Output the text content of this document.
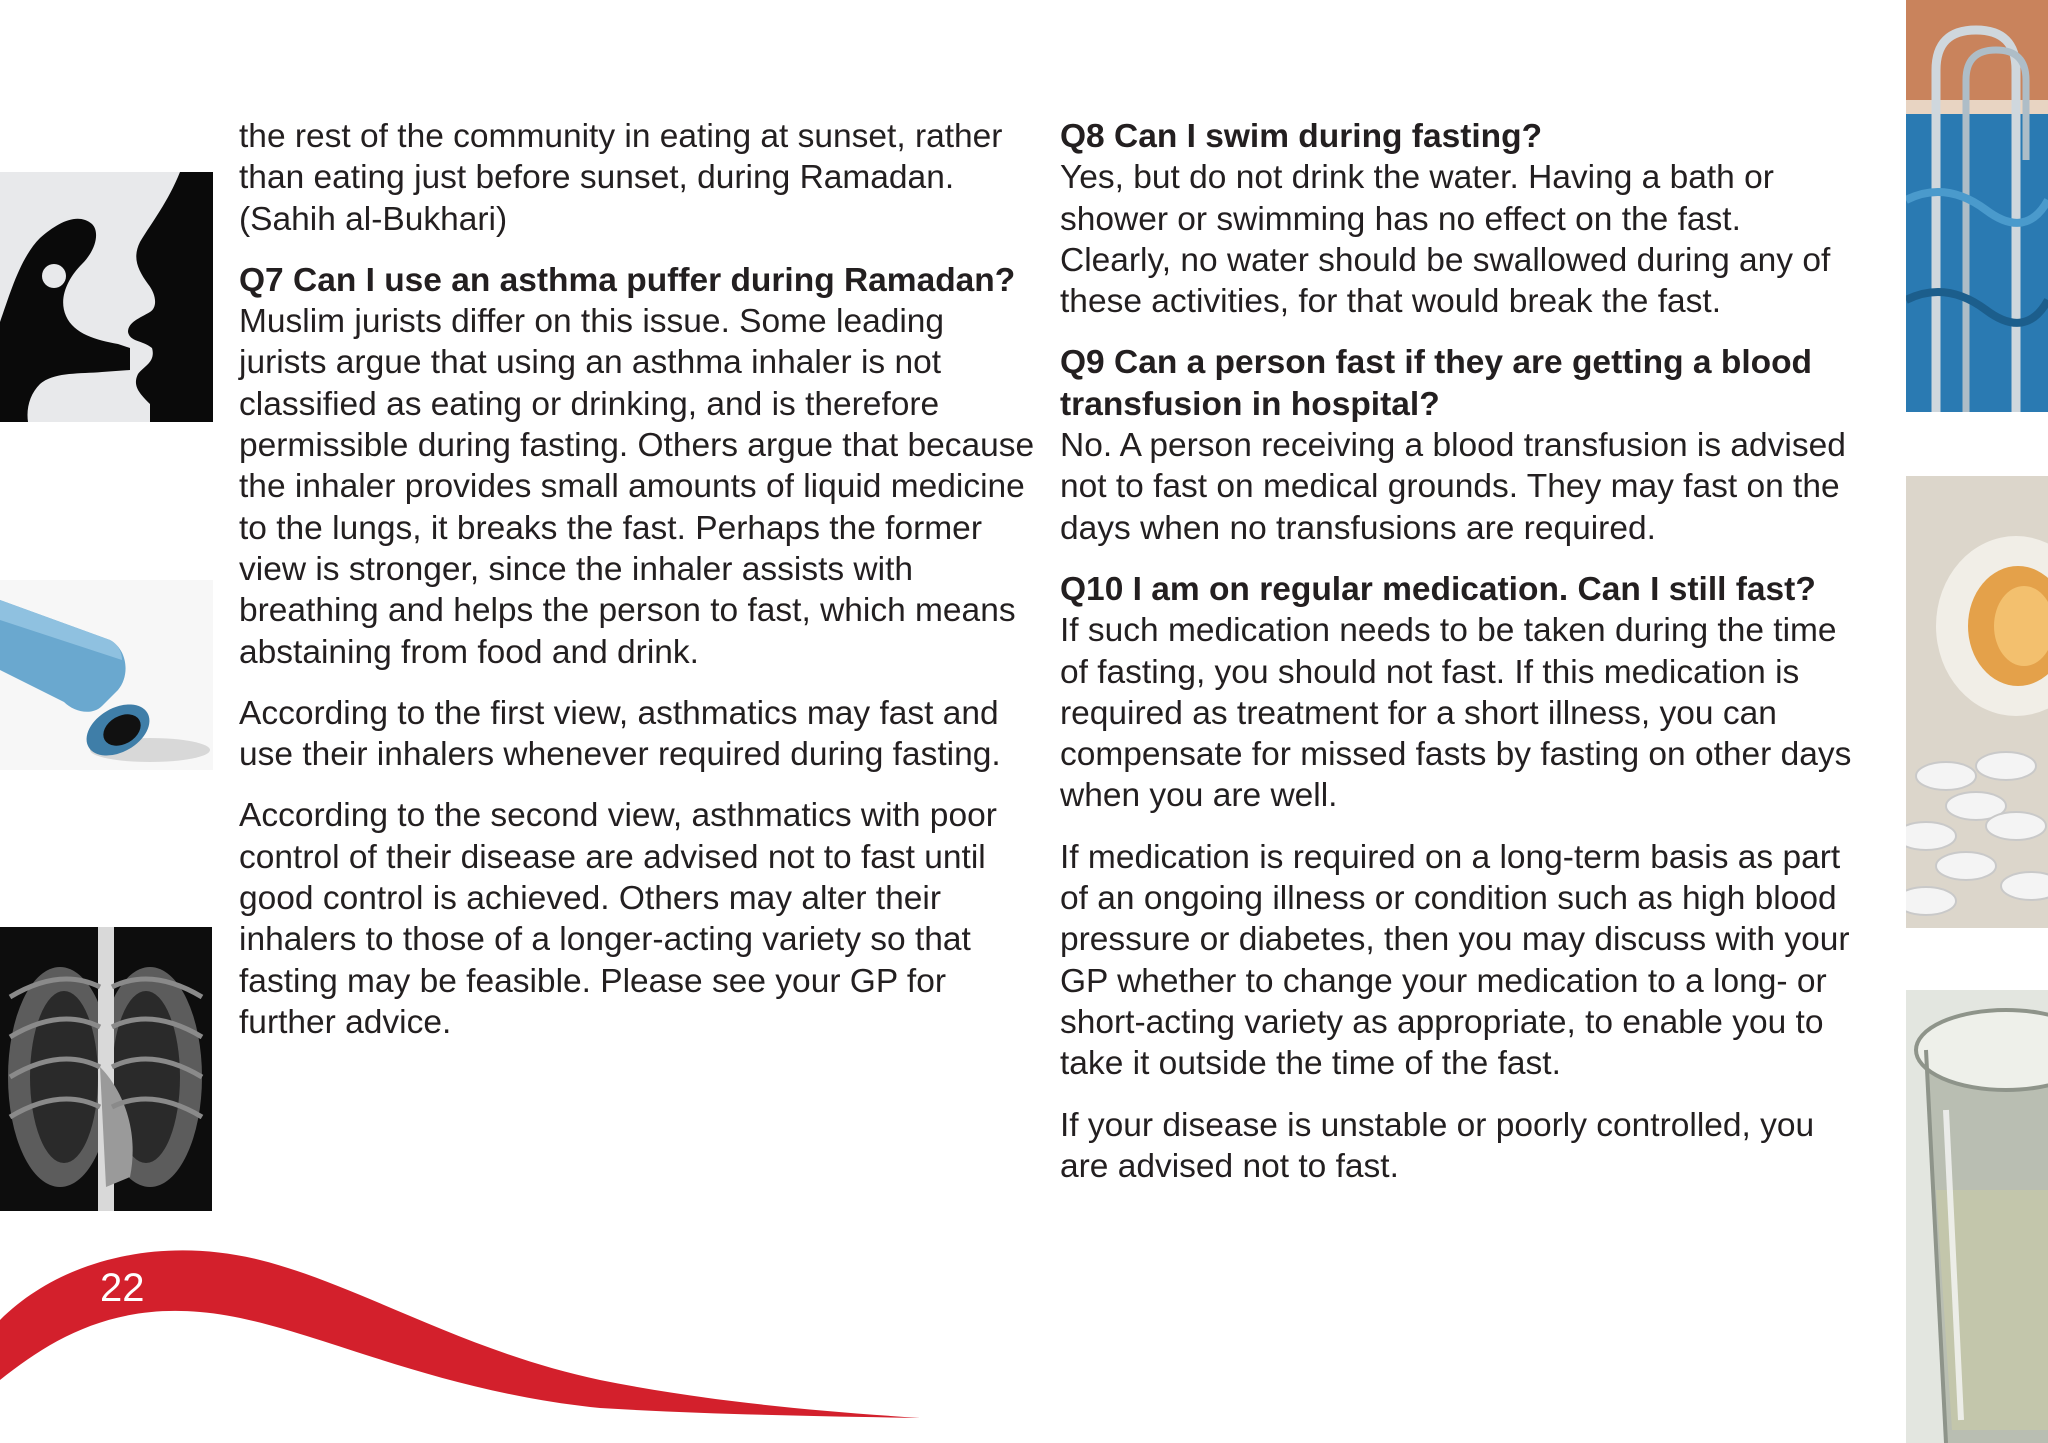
the rest of the community in eating at sunset, rather than eating just before sunset, during Ramadan. (Sahih al-Bukhari)

Q7 Can I use an asthma puffer during Ramadan?
Muslim jurists differ on this issue. Some leading jurists argue that using an asthma inhaler is not classified as eating or drinking, and is therefore permissible during fasting. Others argue that because the inhaler provides small amounts of liquid medicine to the lungs, it breaks the fast. Perhaps the former view is stronger, since the inhaler assists with breathing and helps the person to fast, which means abstaining from food and drink.

According to the first view, asthmatics may fast and use their inhalers whenever required during fasting.

According to the second view, asthmatics with poor control of their disease are advised not to fast until good control is achieved. Others may alter their inhalers to those of a longer-acting variety so that fasting may be feasible. Please see your GP for further advice.

Q8 Can I swim during fasting?
Yes, but do not drink the water. Having a bath or shower or swimming has no effect on the fast. Clearly, no water should be swallowed during any of these activities, for that would break the fast.

Q9 Can a person fast if they are getting a blood transfusion in hospital?
No. A person receiving a blood transfusion is advised not to fast on medical grounds. They may fast on the days when no transfusions are required.

Q10 I am on regular medication. Can I still fast?
If such medication needs to be taken during the time of fasting, you should not fast. If this medication is required as treatment for a short illness, you can compensate for missed fasts by fasting on other days when you are well.

If medication is required on a long-term basis as part of an ongoing illness or condition such as high blood pressure or diabetes, then you may discuss with your GP whether to change your medication to a long- or short-acting variety as appropriate, to enable you to take it outside the time of the fast.

If your disease is unstable or poorly controlled, you are advised not to fast.

22
